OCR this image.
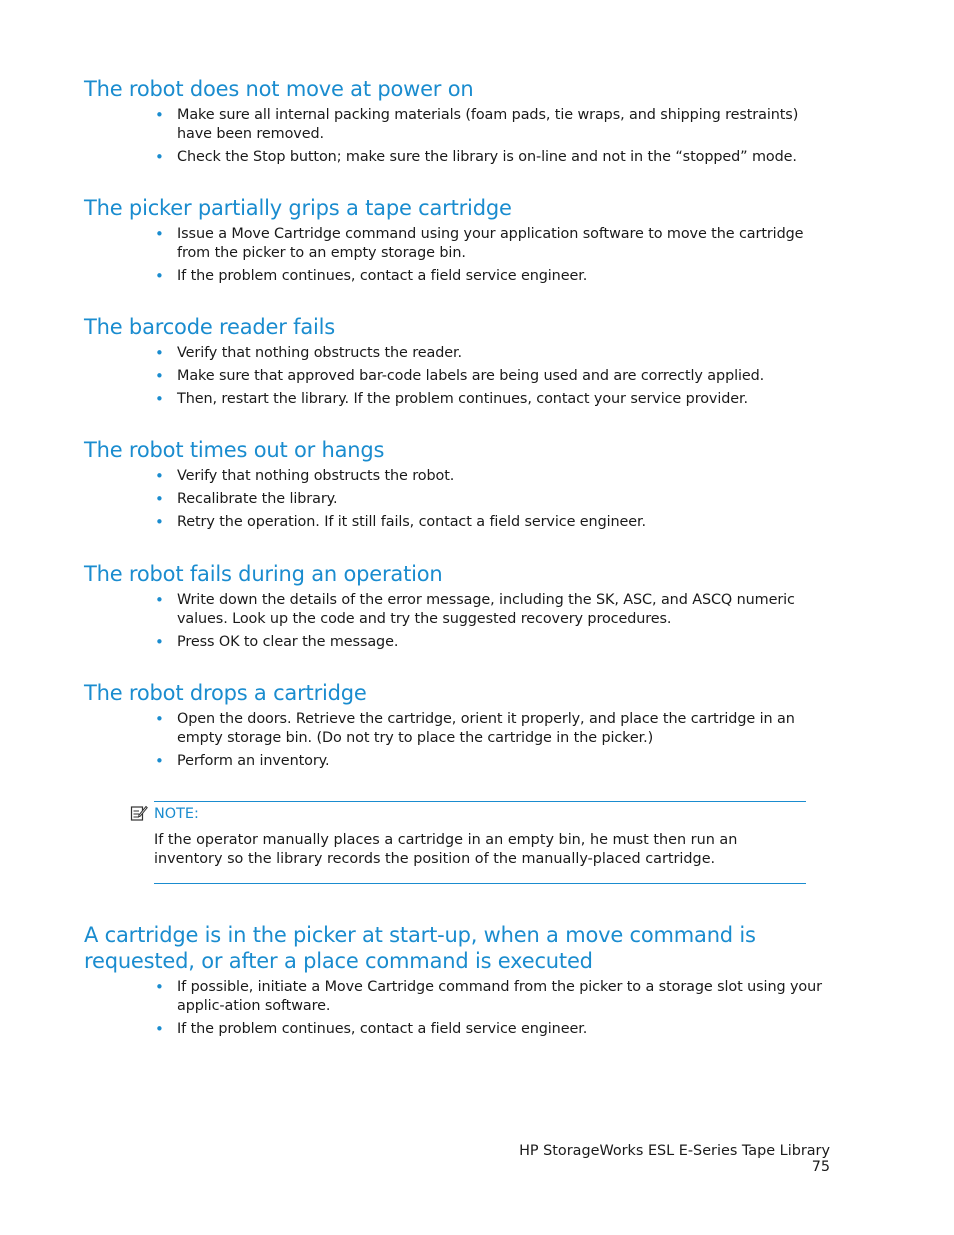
The robot does not move at power on
• Make sure all internal packing materials (foam pads, tie wraps, and shipping restraints) have been removed.
• Check the Stop button; make sure the library is on-line and not in the “stopped” mode.
The picker partially grips a tape cartridge
• Issue a Move Cartridge command using your application software to move the cartridge from the picker to an empty storage bin.
• If the problem continues, contact a field service engineer.
The barcode reader fails
• Verify that nothing obstructs the reader.
• Make sure that approved bar-code labels are being used and are correctly applied.
• Then, restart the library. If the problem continues, contact your service provider.
The robot times out or hangs
• Verify that nothing obstructs the robot.
• Recalibrate the library.
• Retry the operation. If it still fails, contact a field service engineer.
The robot fails during an operation
• Write down the details of the error message, including the SK, ASC, and ASCQ numeric values. Look up the code and try the suggested recovery procedures.
• Press OK to clear the message.
The robot drops a cartridge
• Open the doors. Retrieve the cartridge, orient it properly, and place the cartridge in an empty storage bin. (Do not try to place the cartridge in the picker.)
• Perform an inventory.
NOTE:
If the operator manually places a cartridge in an empty bin, he must then run an inventory so the library records the position of the manually-placed cartridge.
A cartridge is in the picker at start-up, when a move command is requested, or after a place command is executed
• If possible, initiate a Move Cartridge command from the picker to a storage slot using your applic-ation software.
• If the problem continues, contact a field service engineer.
HP StorageWorks ESL E-Series Tape Library 75
